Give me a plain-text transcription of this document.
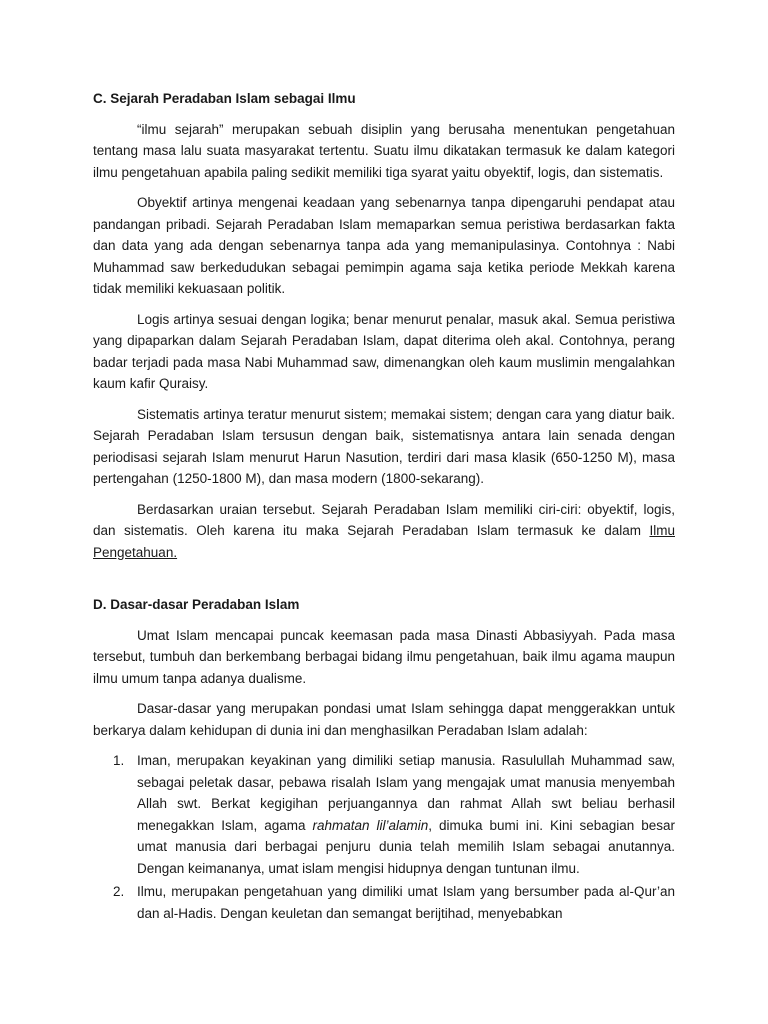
C. Sejarah Peradaban Islam sebagai Ilmu

“ilmu sejarah” merupakan sebuah disiplin yang berusaha menentukan pengetahuan tentang masa lalu suata masyarakat tertentu. Suatu ilmu dikatakan termasuk ke dalam kategori ilmu pengetahuan apabila paling sedikit memiliki tiga syarat yaitu obyektif, logis, dan sistematis.

Obyektif artinya mengenai keadaan yang sebenarnya tanpa dipengaruhi pendapat atau pandangan pribadi. Sejarah Peradaban Islam memaparkan semua peristiwa berdasarkan fakta dan data yang ada dengan sebenarnya tanpa ada yang memanipulasinya. Contohnya : Nabi Muhammad saw berkedudukan sebagai pemimpin agama saja ketika periode Mekkah karena tidak memiliki kekuasaan politik.

Logis artinya sesuai dengan logika; benar menurut penalar, masuk akal. Semua peristiwa yang dipaparkan dalam Sejarah Peradaban Islam, dapat diterima oleh akal. Contohnya, perang badar terjadi pada masa Nabi Muhammad saw, dimenangkan oleh kaum muslimin mengalahkan kaum kafir Quraisy.

Sistematis artinya teratur menurut sistem; memakai sistem; dengan cara yang diatur baik. Sejarah Peradaban Islam tersusun dengan baik, sistematisnya antara lain senada dengan periodisasi sejarah Islam menurut Harun Nasution, terdiri dari masa klasik (650-1250 M), masa pertengahan (1250-1800 M), dan masa modern (1800-sekarang).

Berdasarkan uraian tersebut. Sejarah Peradaban Islam memiliki ciri-ciri: obyektif, logis, dan sistematis. Oleh karena itu maka Sejarah Peradaban Islam termasuk ke dalam Ilmu Pengetahuan.

D. Dasar-dasar Peradaban Islam

Umat Islam mencapai puncak keemasan pada masa Dinasti Abbasiyyah. Pada masa tersebut, tumbuh dan berkembang berbagai bidang ilmu pengetahuan, baik ilmu agama maupun ilmu umum tanpa adanya dualisme.

Dasar-dasar yang merupakan pondasi umat Islam sehingga dapat menggerakkan untuk berkarya dalam kehidupan di dunia ini dan menghasilkan Peradaban Islam adalah:

1. Iman, merupakan keyakinan yang dimiliki setiap manusia. Rasulullah Muhammad saw, sebagai peletak dasar, pebawa risalah Islam yang mengajak umat manusia menyembah Allah swt. Berkat kegigihan perjuangannya dan rahmat Allah swt beliau berhasil menegakkan Islam, agama rahmatan lil’alamin, dimuka bumi ini. Kini sebagian besar umat manusia dari berbagai penjuru dunia telah memilih Islam sebagai anutannya. Dengan keimananya, umat islam mengisi hidupnya dengan tuntunan ilmu.
2. Ilmu, merupakan pengetahuan yang dimiliki umat Islam yang bersumber pada al-Qur’an dan al-Hadis. Dengan keuletan dan semangat berijtihad, menyebabkan
